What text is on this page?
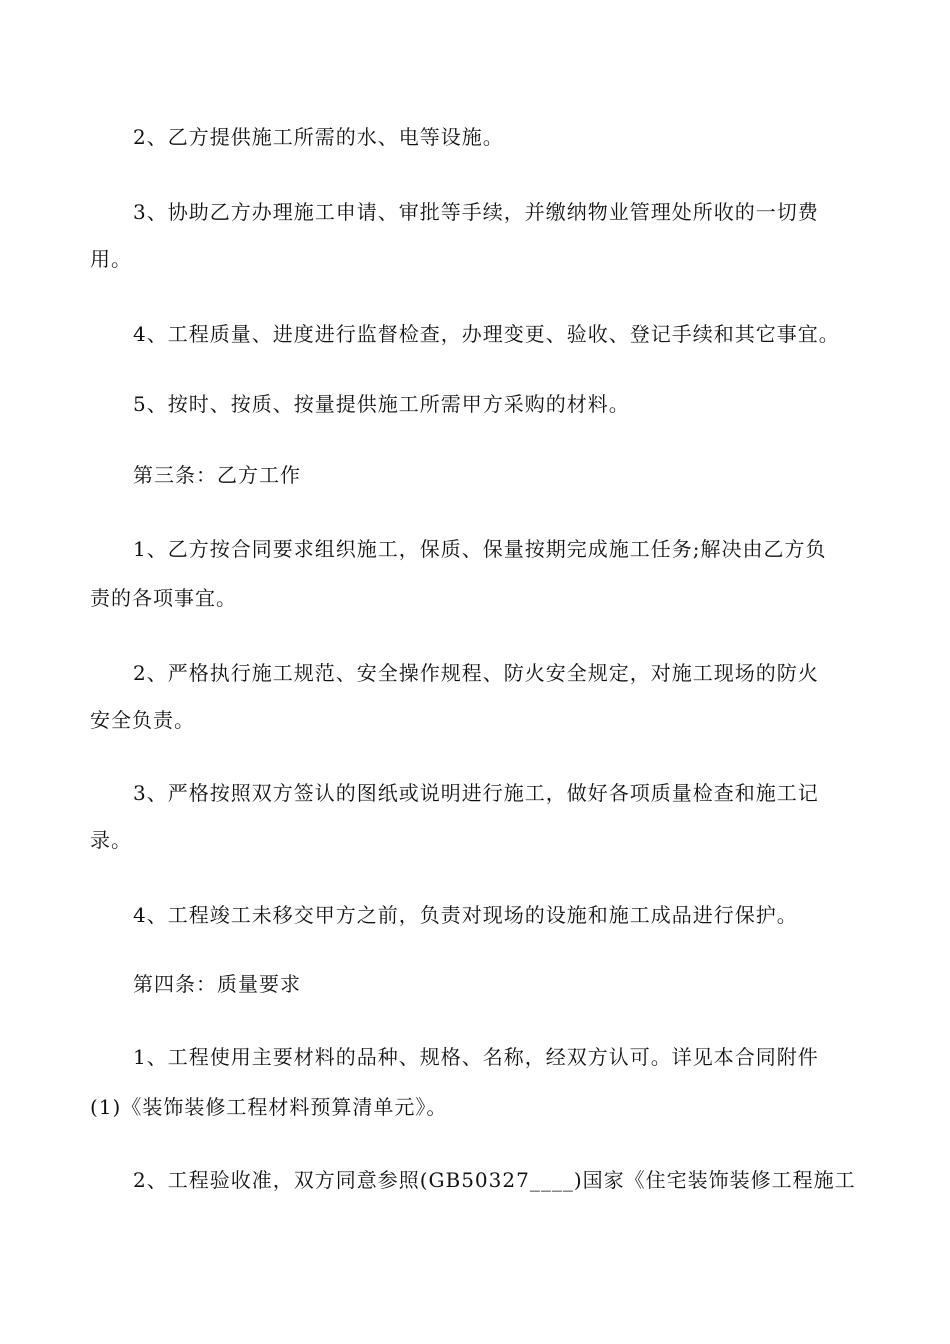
2、乙方提供施工所需的水、电等设施。
3、协助乙方办理施工申请、审批等手续，并缴纳物业管理处所收的一切费
用。
4、工程质量、进度进行监督检查，办理变更、验收、登记手续和其它事宜。
5、按时、按质、按量提供施工所需甲方采购的材料。
第三条：乙方工作
1、乙方按合同要求组织施工，保质、保量按期完成施工任务;解决由乙方负
责的各项事宜。
2、严格执行施工规范、安全操作规程、防火安全规定，对施工现场的防火
安全负责。
3、严格按照双方签认的图纸或说明进行施工，做好各项质量检查和施工记
录。
4、工程竣工未移交甲方之前，负责对现场的设施和施工成品进行保护。
第四条：质量要求
1、工程使用主要材料的品种、规格、名称，经双方认可。详见本合同附件
(1)《装饰装修工程材料预算清单元》。
2、工程验收准，双方同意参照(GB50327____)国家《住宅装饰装修工程施工
